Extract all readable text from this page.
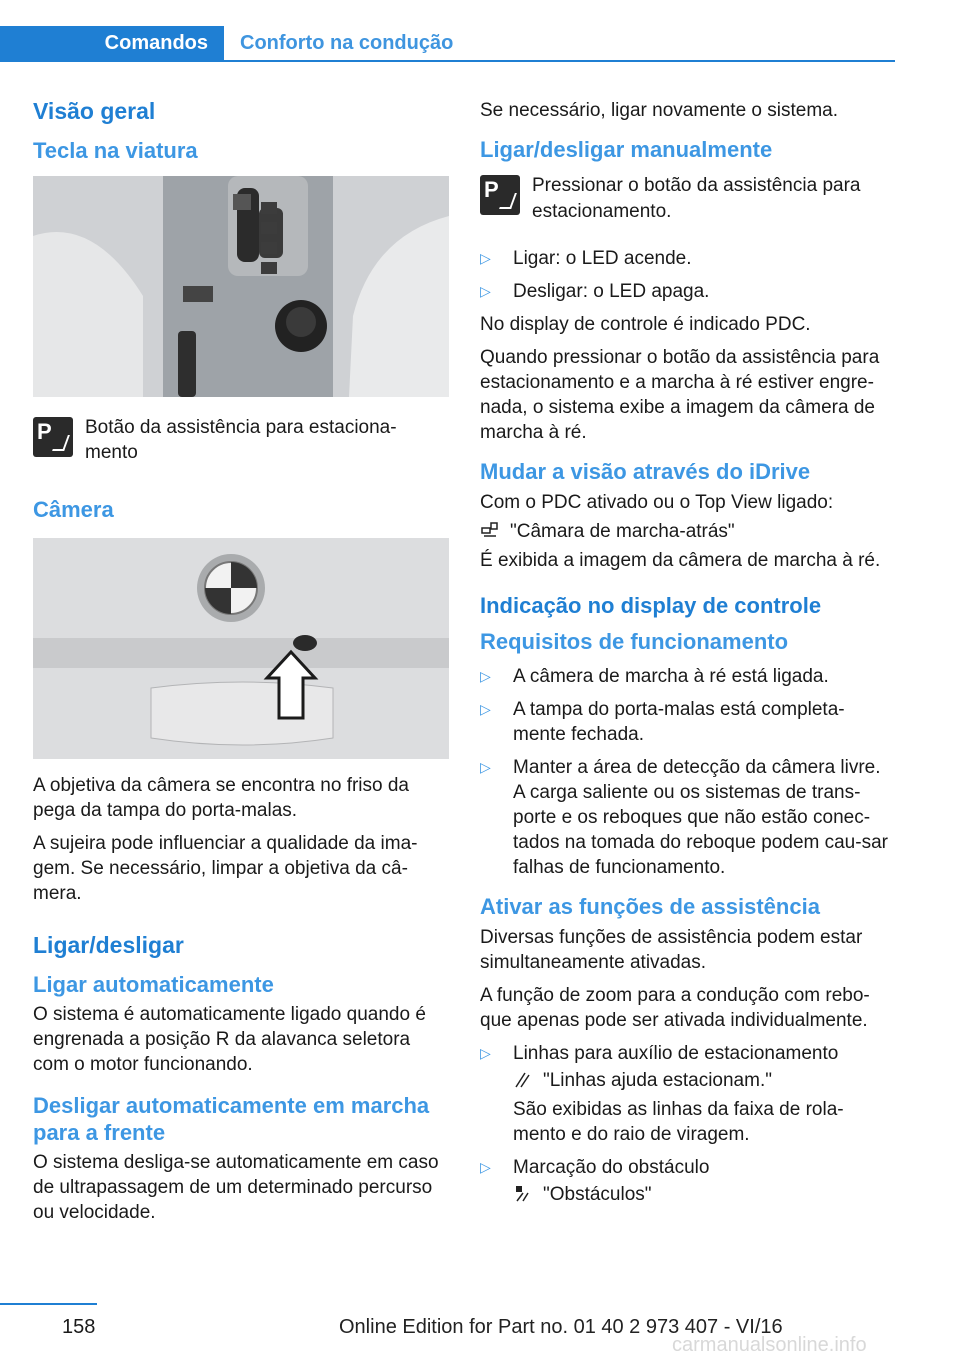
Comandos	Conforto na condução
Visão geral
Tecla na viatura
P Botão da assistência para estaciona-
mento
Câmera

A objetiva da câmera se encontra no friso da pega da tampa do porta-malas.

A sujeira pode influenciar a qualidade da ima-gem. Se necessário, limpar a objetiva da câ-mera.

Ligar/desligar
Ligar automaticamente

O sistema é automaticamente ligado quando é engrenada a posição R da alavanca seletora com o motor funcionando.

Desligar automaticamente em marcha para a frente

O sistema desliga-se automaticamente em caso de ultrapassagem de um determinado percurso ou velocidade.

Se necessário, ligar novamente o sistema.

Ligar/desligar manualmente
P Pressionar o botão da assistência para estacionamento.
▷	Ligar: o LED acende.
▷	Desligar: o LED apaga.

No display de controle é indicado PDC.

Quando pressionar o botão da assistência para estacionamento e a marcha à ré estiver engre-nada, o sistema exibe a imagem da câmera de marcha à ré.

Mudar a visão através do iDrive

Com o PDC ativado ou o Top View ligado:

"Câmara de marcha-atrás"

É exibida a imagem da câmera de marcha à ré.

Indicação no display de controle
Requisitos de funcionamento
▷	A câmera de marcha à ré está ligada.
▷	A tampa do porta-malas está completa-mente fechada.
▷	Manter a área de detecção da câmera livre. A carga saliente ou os sistemas de trans-porte e os reboques que não estão conec-tados na tomada do reboque podem cau-sar falhas de funcionamento.
Ativar as funções de assistência

Diversas funções de assistência podem estar simultaneamente ativadas.

A função de zoom para a condução com rebo-que apenas pode ser ativada individualmente.

▷	Linhas para auxílio de estacionamento

"Linhas ajuda estacionam."

São exibidas as linhas da faixa de rola-mento e do raio de viragem.

▷	Marcação do obstáculo

"Obstáculos"

158	Online Edition for Part no. 01 40 2 973 407 - VI/16
carmanualsonline.info
